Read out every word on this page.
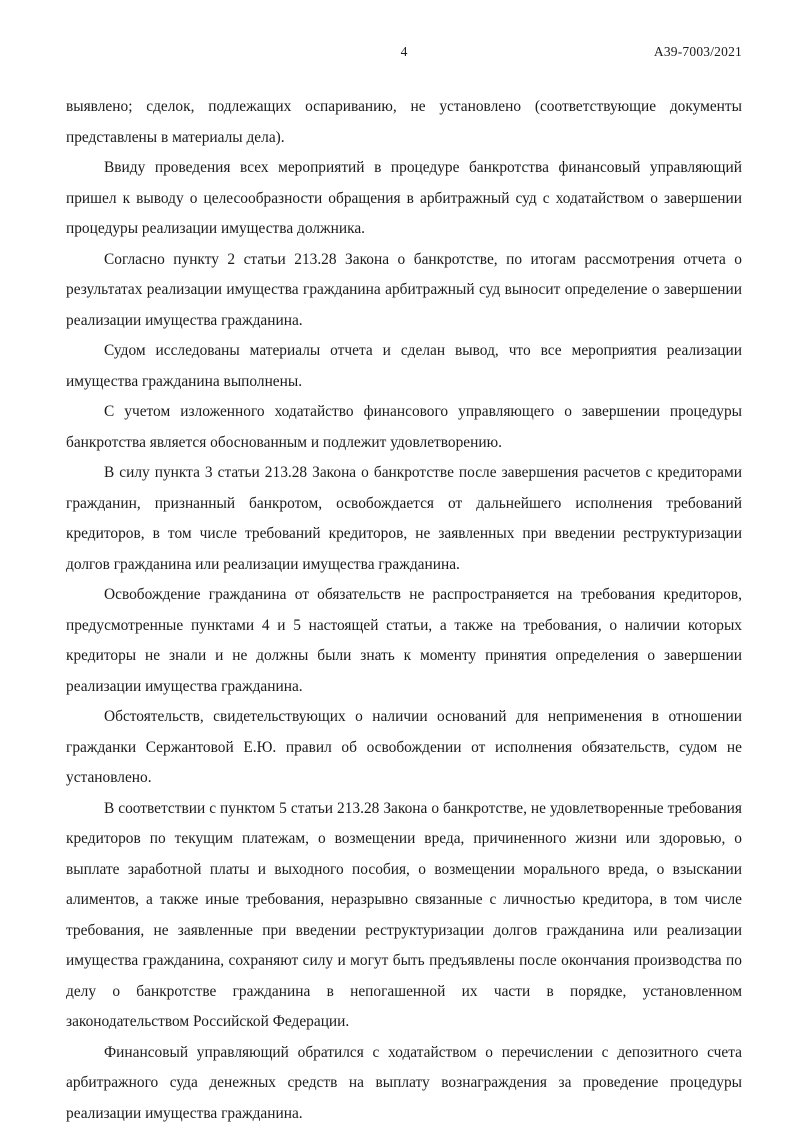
4	А39-7003/2021

выявлено; сделок, подлежащих оспариванию, не установлено (соответствующие документы представлены в материалы дела).

Ввиду проведения всех мероприятий в процедуре банкротства финансовый управляющий пришел к выводу о целесообразности обращения в арбитражный суд с ходатайством о завершении процедуры реализации имущества должника.

Согласно пункту 2 статьи 213.28 Закона о банкротстве, по итогам рассмотрения отчета о результатах реализации имущества гражданина арбитражный суд выносит определение о завершении реализации имущества гражданина.

Судом исследованы материалы отчета и сделан вывод, что все мероприятия реализации имущества гражданина выполнены.

С учетом изложенного ходатайство финансового управляющего о завершении процедуры банкротства является обоснованным и подлежит удовлетворению.

В силу пункта 3 статьи 213.28 Закона о банкротстве после завершения расчетов с кредиторами гражданин, признанный банкротом, освобождается от дальнейшего исполнения требований кредиторов, в том числе требований кредиторов, не заявленных при введении реструктуризации долгов гражданина или реализации имущества гражданина.

Освобождение гражданина от обязательств не распространяется на требования кредиторов, предусмотренные пунктами 4 и 5 настоящей статьи, а также на требования, о наличии которых кредиторы не знали и не должны были знать к моменту принятия определения о завершении реализации имущества гражданина.

Обстоятельств, свидетельствующих о наличии оснований для неприменения в отношении гражданки Сержантовой Е.Ю. правил об освобождении от исполнения обязательств, судом не установлено.

В соответствии с пунктом 5 статьи 213.28 Закона о банкротстве, не удовлетворенные требования кредиторов по текущим платежам, о возмещении вреда, причиненного жизни или здоровью, о выплате заработной платы и выходного пособия, о возмещении морального вреда, о взыскании алиментов, а также иные требования, неразрывно связанные с личностью кредитора, в том числе требования, не заявленные при введении реструктуризации долгов гражданина или реализации имущества гражданина, сохраняют силу и могут быть предъявлены после окончания производства по делу о банкротстве гражданина в непогашенной их части в порядке, установленном законодательством Российской Федерации.

Финансовый управляющий обратился с ходатайством о перечислении с депозитного счета арбитражного суда денежных средств на выплату вознаграждения за проведение процедуры реализации имущества гражданина.
